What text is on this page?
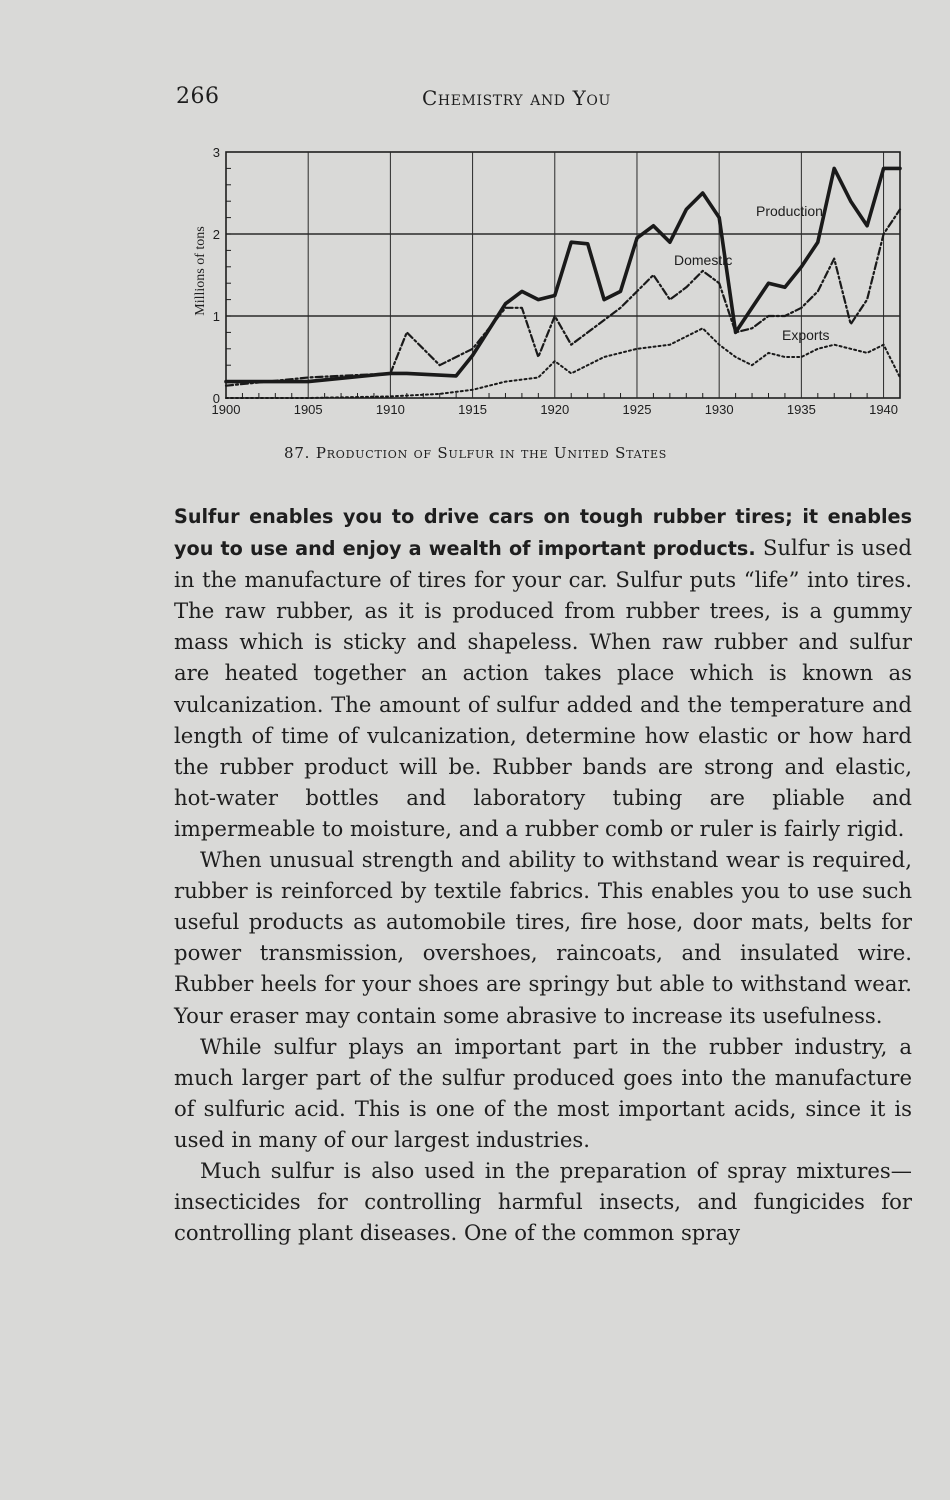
266	Chemistry and You
1900	1905	1910	1915	1920	1925	1930	1935	1940
0
1
2
3
Millions of tons
Production
Domestic
Exports
87. Production of Sulfur in the United States

Sulfur enables you to drive cars on tough rubber tires; it enables you to use and enjoy a wealth of important products. Sulfur is used in the manufacture of tires for your car. Sulfur puts “life” into tires. The raw rubber, as it is produced from rubber trees, is a gummy mass which is sticky and shapeless. When raw rubber and sulfur are heated together an action takes place which is known as vulcanization. The amount of sulfur added and the temperature and length of time of vulcanization, determine how elastic or how hard the rubber product will be. Rubber bands are strong and elastic, hot-water bottles and laboratory tubing are pliable and impermeable to moisture, and a rubber comb or ruler is fairly rigid.

When unusual strength and ability to withstand wear is required, rubber is reinforced by textile fabrics. This enables you to use such useful products as automobile tires, fire hose, door mats, belts for power transmission, overshoes, raincoats, and insulated wire. Rubber heels for your shoes are springy but able to withstand wear. Your eraser may contain some abrasive to increase its usefulness.

While sulfur plays an important part in the rubber industry, a much larger part of the sulfur produced goes into the manufacture of sulfuric acid. This is one of the most important acids, since it is used in many of our largest industries.

Much sulfur is also used in the preparation of spray mixtures—insecticides for controlling harmful insects, and fungicides for controlling plant diseases. One of the common spray
